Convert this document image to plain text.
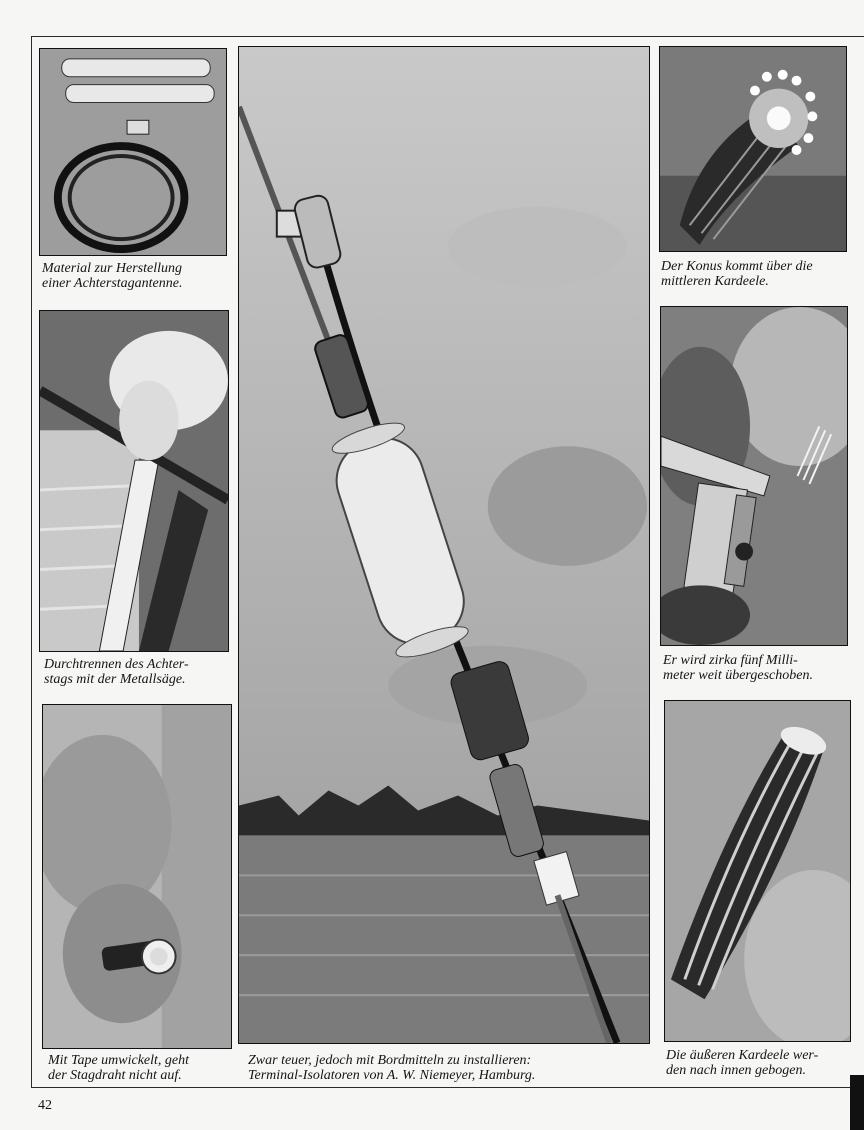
Material zur Herstellung
einer Achterstagantenne.

Durchtrennen des Achter-
stags mit der Metallsäge.

Mit Tape umwickelt, geht
der Stagdraht nicht auf.

Zwar teuer, jedoch mit Bordmitteln zu installieren:
Terminal-Isolatoren von A. W. Niemeyer, Hamburg.

Der Konus kommt über die
mittleren Kardeele.

Er wird zirka fünf Milli-
meter weit übergeschoben.

Die äußeren Kardeele wer-
den nach innen gebogen.

42
